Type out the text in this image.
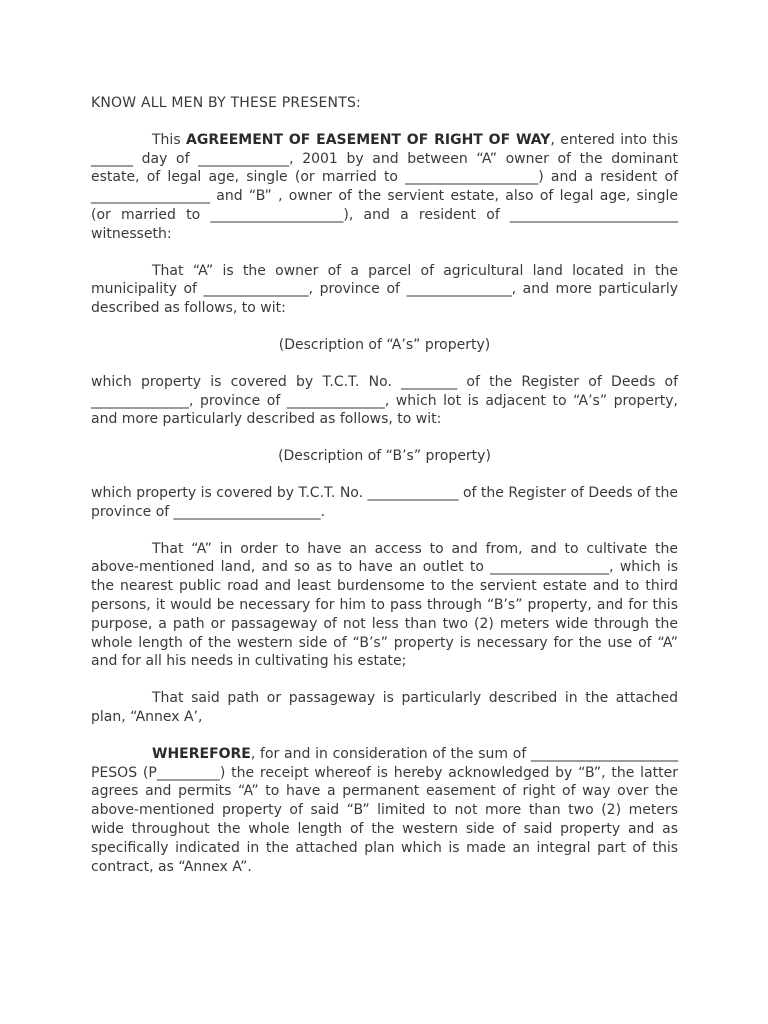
KNOW ALL MEN BY THESE PRESENTS:

This AGREEMENT OF EASEMENT OF RIGHT OF WAY, entered into this ______ day of _____________, 2001 by and between “A” owner of the dominant estate, of legal age, single (or married to ___________________) and a resident of _________________ and “B” , owner of the servient estate, also of legal age, single (or married to ___________________), and a resident of ________________________ witnesseth:

That “A” is the owner of a parcel of agricultural land located in the municipality of _______________, province of _______________, and more particularly described as follows, to wit:

(Description of “A’s” property)

which property is covered by T.C.T. No. ________ of the Register of Deeds of ______________, province of ______________, which lot is adjacent to “A’s” property, and more particularly described as follows, to wit:

(Description of “B’s” property)

which property is covered by T.C.T. No. _____________ of the Register of Deeds of the province of _____________________.

That “A” in order to have an access to and from, and to cultivate the above-mentioned land, and so as to have an outlet to _________________, which is the nearest public road and least burdensome to the servient estate and to third persons, it would be necessary for him to pass through “B’s” property, and for this purpose, a path or passageway of not less than two (2) meters wide through the whole length of the western side of “B’s” property is necessary for the use of “A” and for all his needs in cultivating his estate;

That said path or passageway is particularly described in the attached plan, “Annex A’,

WHEREFORE, for and in consideration of the sum of _____________________ PESOS (P_________) the receipt whereof is hereby acknowledged by “B”, the latter agrees and permits “A” to have a permanent easement of right of way over the above-mentioned property of said “B” limited to not more than two (2) meters wide throughout the whole length of the western side of said property and as specifically indicated in the attached plan which is made an integral part of this contract, as “Annex A”.
